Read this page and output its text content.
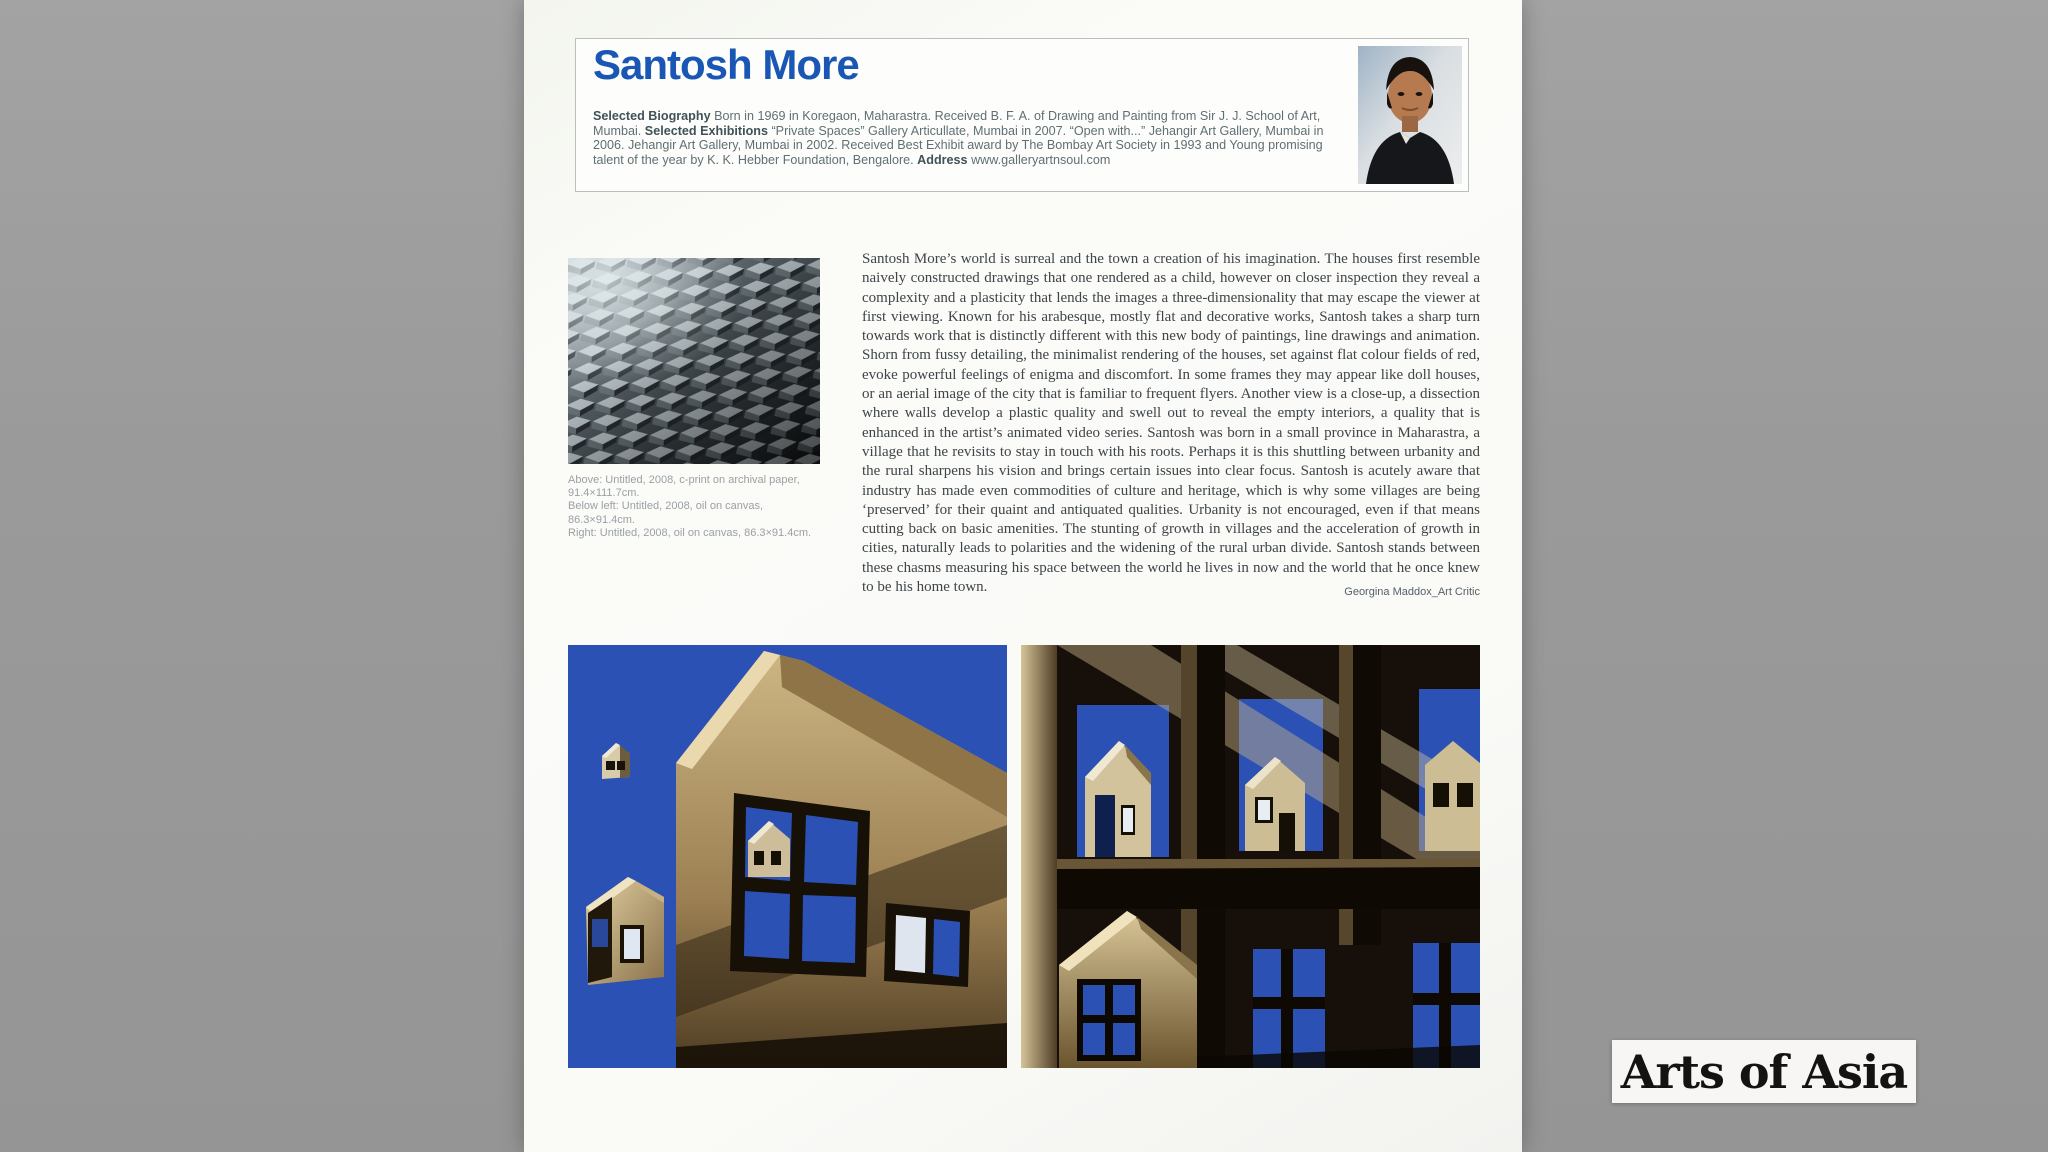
Santosh More
Selected Biography Born in 1969 in Koregaon, Maharastra. Received B. F. A. of Drawing and Painting from Sir J. J. School of Art, Mumbai. Selected Exhibitions “Private Spaces” Gallery Articullate, Mumbai in 2007. “Open with...” Jehangir Art Gallery, Mumbai in 2006. Jehangir Art Gallery, Mumbai in 2002. Received Best Exhibit award by The Bombay Art Society in 1993 and Young promising talent of the year by K. K. Hebber Foundation, Bengalore. Address www.galleryartnsoul.com
Above: Untitled, 2008, c-print on archival paper,
91.4×111.7cm.
Below left: Untitled, 2008, oil on canvas,
86.3×91.4cm.
Right: Untitled, 2008, oil on canvas, 86.3×91.4cm.

Santosh More’s world is surreal and the town a creation of his imagination. The houses first resemble naively constructed drawings that one rendered as a child, however on closer inspection they reveal a complexity and a plasticity that lends the images a three-dimensionality that may escape the viewer at first viewing. Known for his arabesque, mostly flat and decorative works, Santosh takes a sharp turn towards work that is distinctly different with this new body of paintings, line drawings and animation. Shorn from fussy detailing, the minimalist rendering of the houses, set against flat colour fields of red, evoke powerful feelings of enigma and discomfort. In some frames they may appear like doll houses, or an aerial image of the city that is familiar to frequent flyers. Another view is a close-up, a dissection where walls develop a plastic quality and swell out to reveal the empty interiors, a quality that is enhanced in the artist’s animated video series. Santosh was born in a small province in Maharastra, a village that he revisits to stay in touch with his roots. Perhaps it is this shuttling between urbanity and the rural sharpens his vision and brings certain issues into clear focus. Santosh is acutely aware that industry has made even commodities of culture and heritage, which is why some villages are being ‘preserved’ for their quaint and antiquated qualities. Urbanity is not encouraged, even if that means cutting back on basic amenities. The stunting of growth in villages and the acceleration of growth in cities, naturally leads to polarities and the widening of the rural urban divide. Santosh stands between these chasms measuring his space between the world he lives in now and the world that he once knew to be his home town.	Georgina Maddox_Art Critic
Arts of Asia
